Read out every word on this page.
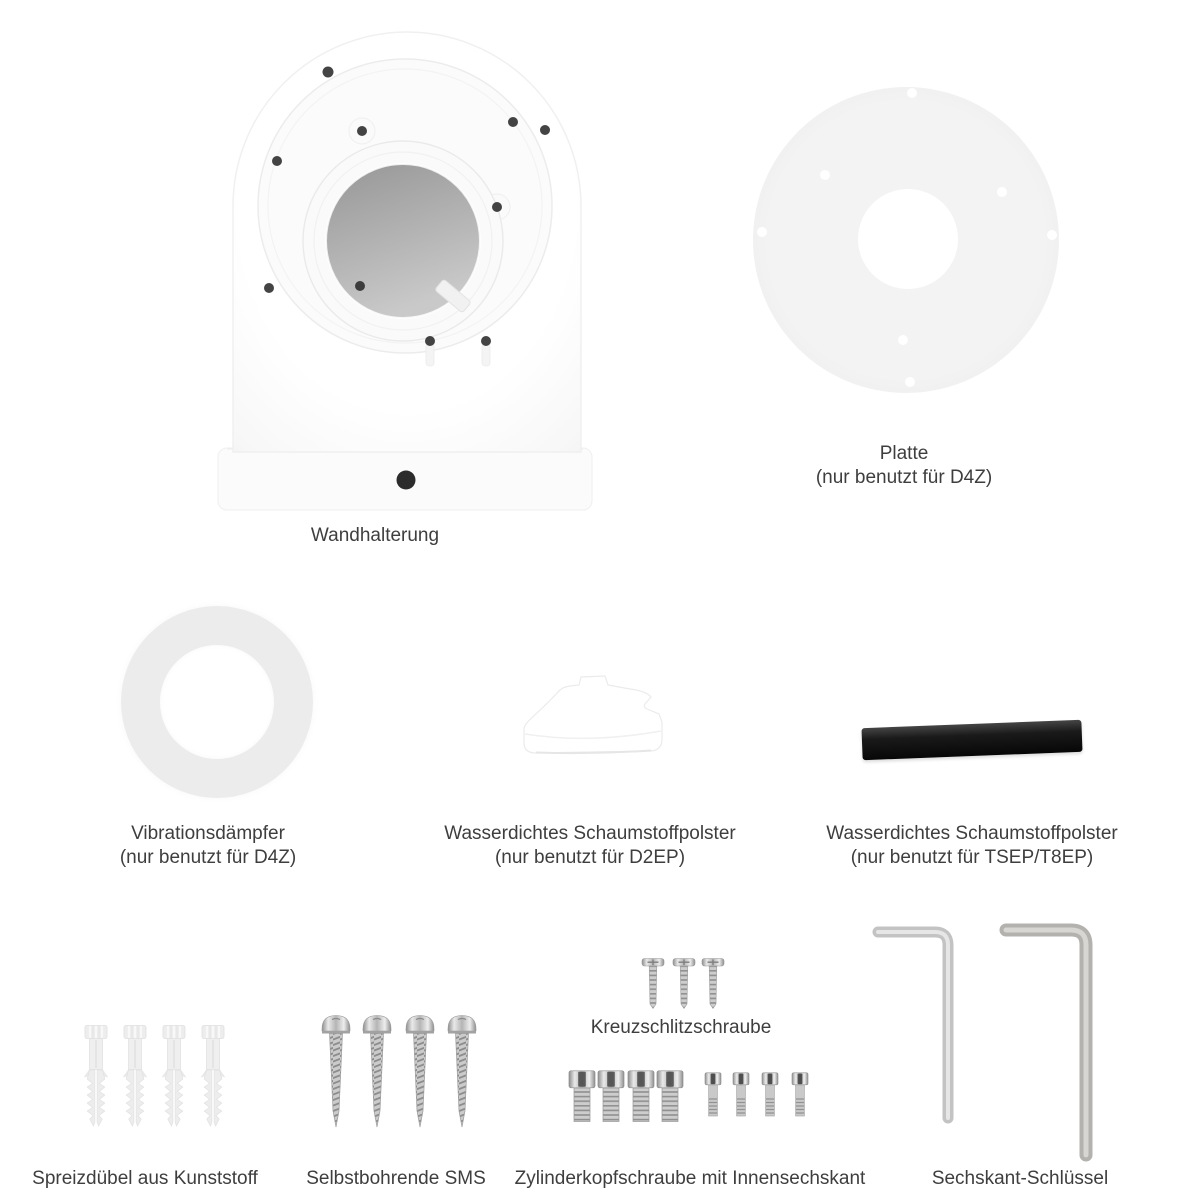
Wandhalterung
Platte
(nur benutzt für D4Z)
Vibrationsdämpfer
(nur benutzt für D4Z)
Wasserdichtes Schaumstoffpolster
(nur benutzt für D2EP)
Wasserdichtes Schaumstoffpolster
(nur benutzt für TSEP/T8EP)
Spreizdübel aus Kunststoff	Selbstbohrende SMS
Kreuzschlitzschraube
Zylinderkopfschraube mit Innensechskant	Sechskant-Schlüssel
